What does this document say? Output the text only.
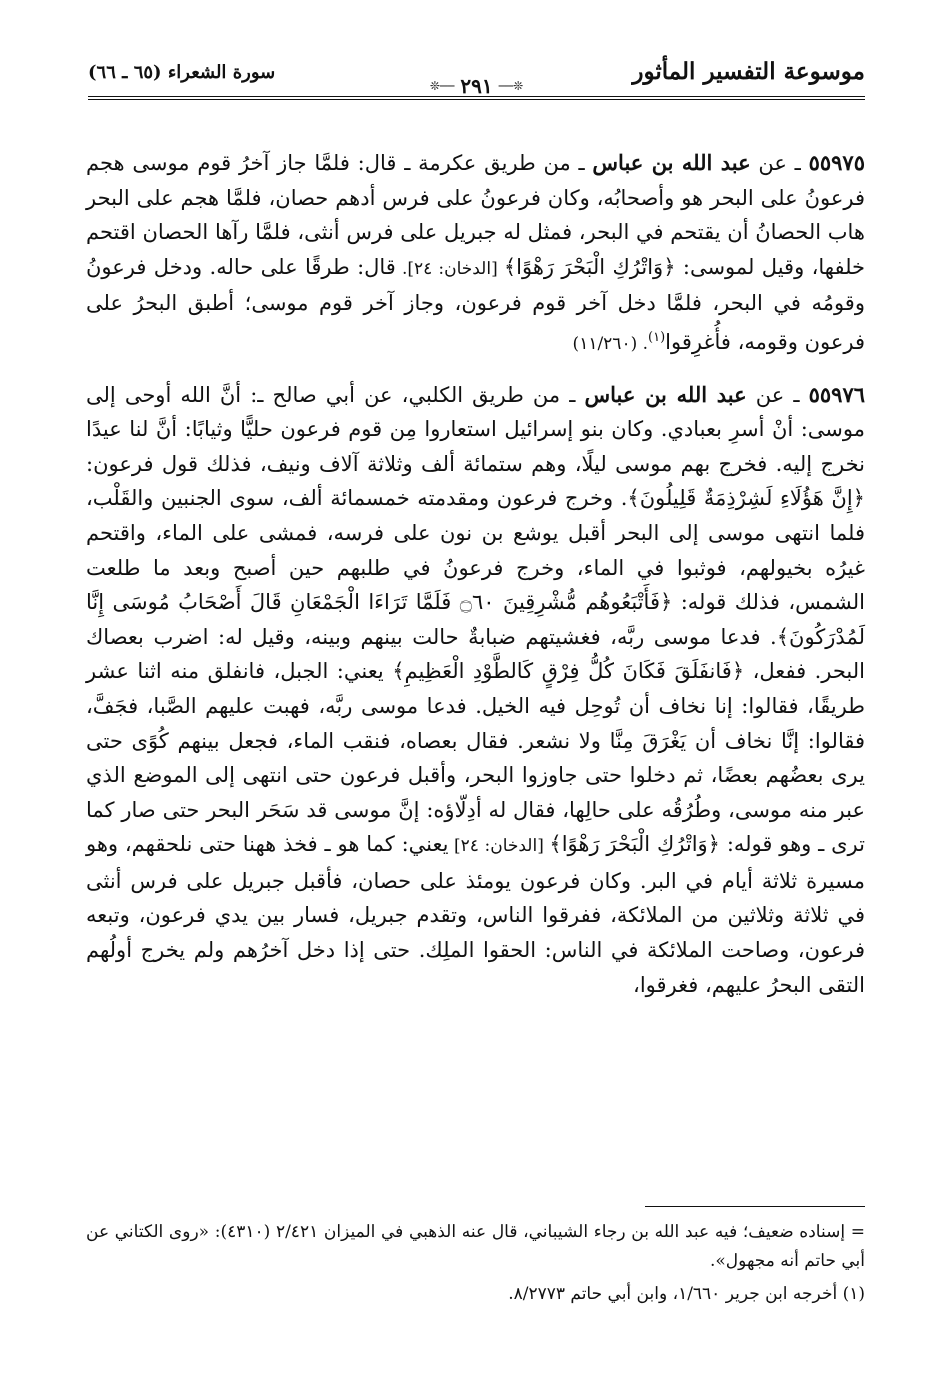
موسوعة التفسير المأثور
❊── ٢٩١ ──❊
سورة الشعراء (٦٥ ـ ٦٦)

٥٥٩٧٥ ـ عن عبد الله بن عباس ـ من طريق عكرمة ـ قال: فلمَّا جاز آخرُ قوم موسى هجم فرعونُ على البحر هو وأصحابُه، وكان فرعونُ على فرس أدهم حصان، فلمَّا هجم على البحر هاب الحصانُ أن يقتحم في البحر، فمثل له جبريل على فرس أنثى، فلمَّا رآها الحصان اقتحم خلفها، وقيل لموسى: ﴿وَاتْرُكِ الْبَحْرَ رَهْوًا﴾ [الدخان: ٢٤]. قال: طرقًا على حاله. ودخل فرعونُ وقومُه في البحر، فلمَّا دخل آخر قوم فرعون، وجاز آخر قوم موسى؛ أطبق البحرُ على فرعون وقومه، فأُغرِقوا$^{(١)}$. (١١/٢٦٠)

٥٥٩٧٦ ـ عن عبد الله بن عباس ـ من طريق الكلبي، عن أبي صالح ـ: أنَّ الله أوحى إلى موسى: أنْ أسرِ بعبادي. وكان بنو إسرائيل استعاروا مِن قوم فرعون حليًّا وثيابًا: أنَّ لنا عيدًا نخرج إليه. فخرج بهم موسى ليلًا، وهم ستمائة ألف وثلاثة آلاف ونيف، فذلك قول فرعون: ﴿إِنَّ هَؤُلَاءِ لَشِرْذِمَةٌ قَلِيلُونَ﴾. وخرج فرعون ومقدمته خمسمائة ألف، سوى الجنبين والقَلْب، فلما انتهى موسى إلى البحر أقبل يوشع بن نون على فرسه، فمشى على الماء، واقتحم غيرُه بخيولهم، فوثبوا في الماء، وخرج فرعونُ في طلبهم حين أصبح وبعد ما طلعت الشمس، فذلك قوله: ﴿فَأَتْبَعُوهُم مُّشْرِقِينَ ۝٦٠ فَلَمَّا تَرَاءَا الْجَمْعَانِ قَالَ أَصْحَابُ مُوسَى إِنَّا لَمُدْرَكُونَ﴾. فدعا موسى ربَّه، فغشيتهم ضبابةٌ حالت بينهم وبينه، وقيل له: اضرب بعصاك البحر. ففعل، ﴿فَانفَلَقَ فَكَانَ كُلُّ فِرْقٍ كَالطَّوْدِ الْعَظِيمِ﴾ يعني: الجبل، فانفلق منه اثنا عشر طريقًا، فقالوا: إنا نخاف أن تُوحِل فيه الخيل. فدعا موسى ربَّه، فهبت عليهم الصَّبا، فجَفَّ، فقالوا: إنَّا نخاف أن يَغْرَقَ مِنَّا ولا نشعر. فقال بعصاه، فنقب الماء، فجعل بينهم كُوًى حتى يرى بعضُهم بعضًا، ثم دخلوا حتى جاوزوا البحر، وأقبل فرعون حتى انتهى إلى الموضع الذي عبر منه موسى، وطُرُقُه على حالِها، فقال له أدِلّاؤه: إنَّ موسى قد سَحَر البحر حتى صار كما ترى ـ وهو قوله: ﴿وَاتْرُكِ الْبَحْرَ رَهْوًا﴾ [الدخان: ٢٤] يعني: كما هو ـ فخذ ههنا حتى نلحقهم، وهو مسيرة ثلاثة أيام في البر. وكان فرعون يومئذ على حصان، فأقبل جبريل على فرس أنثى في ثلاثة وثلاثين من الملائكة، ففرقوا الناس، وتقدم جبريل، فسار بين يدي فرعون، وتبعه فرعون، وصاحت الملائكة في الناس: الحقوا الملِك. حتى إذا دخل آخرُهم ولم يخرج أولُهم التقى البحرُ عليهم، فغرقوا،

= إسناده ضعيف؛ فيه عبد الله بن رجاء الشيباني، قال عنه الذهبي في الميزان ٢/٤٢١ (٤٣١٠): «روى الكتاني عن أبي حاتم أنه مجهول».

(١) أخرجه ابن جرير ١/٦٦٠، وابن أبي حاتم ٨/٢٧٧٣.
